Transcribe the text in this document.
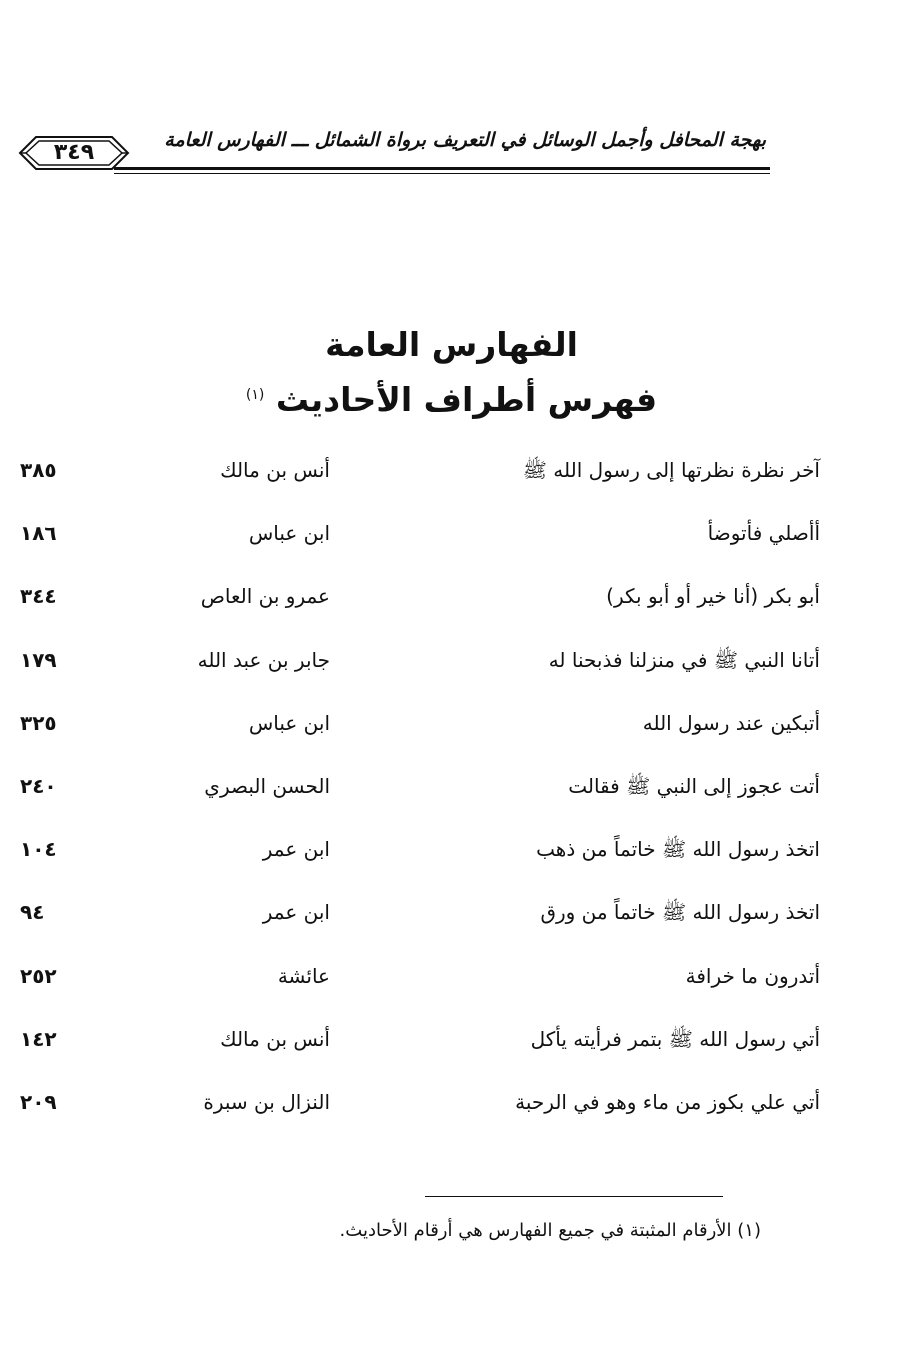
٣٤٩	بهجة المحافل وأجمل الوسائل في التعريف برواة الشمائل ـــ الفهارس العامة
الفهارس العامة
فهرس أطراف الأحاديث $^{(١)}$
آخر نظرة نظرتها إلى رسول الله ﷺ
أنس بن مالك
٣٨٥
أأصلي فأتوضأ
ابن عباس
١٨٦
أبو بكر (أنا خير أو أبو بكر)
عمرو بن العاص
٣٤٤
أتانا النبي ﷺ في منزلنا فذبحنا له
جابر بن عبد الله
١٧٩
أتبكين عند رسول الله
ابن عباس
٣٢٥
أتت عجوز إلى النبي ﷺ فقالت
الحسن البصري
٢٤٠
اتخذ رسول الله ﷺ خاتماً من ذهب
ابن عمر
١٠٤
اتخذ رسول الله ﷺ خاتماً من ورق
ابن عمر
٩٤
أتدرون ما خرافة
عائشة
٢٥٢
أتي رسول الله ﷺ بتمر فرأيته يأكل
أنس بن مالك
١٤٢
أتي علي بكوز من ماء وهو في الرحبة
النزال بن سبرة
٢٠٩
(١) الأرقام المثبتة في جميع الفهارس هي أرقام الأحاديث.
